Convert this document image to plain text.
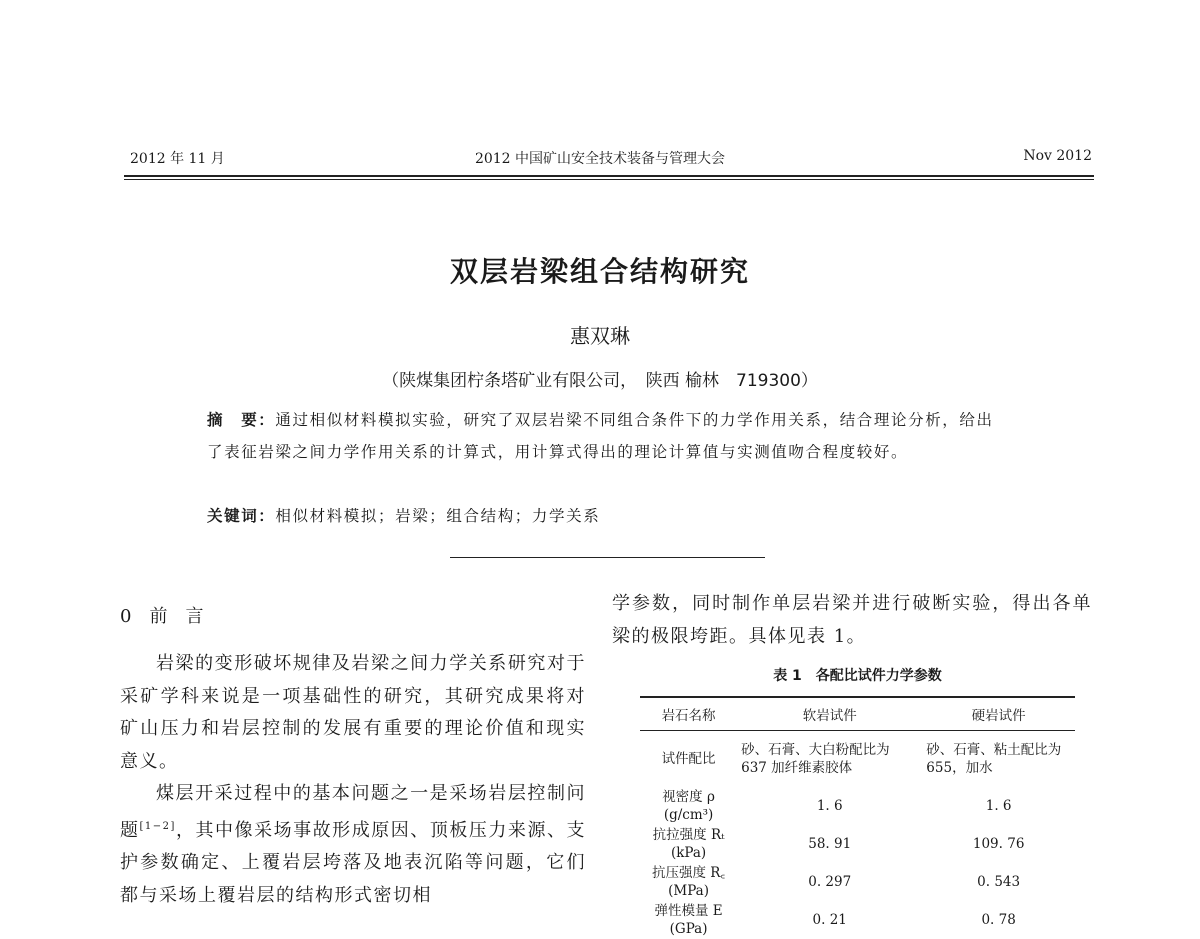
2012 年 11 月	2012 中国矿山安全技术装备与管理大会	Nov 2012
双层岩梁组合结构研究
惠双琳
（陕煤集团柠条塔矿业有限公司，　陕西 榆林　719300）
摘　要：通过相似材料模拟实验，研究了双层岩梁不同组合条件下的力学作用关系，结合理论分析，给出了表征岩梁之间力学作用关系的计算式，用计算式得出的理论计算值与实测值吻合程度较好。
关键词：相似材料模拟；岩梁；组合结构；力学关系
0　前　言

岩梁的变形破坏规律及岩梁之间力学关系研究对于采矿学科来说是一项基础性的研究，其研究成果将对矿山压力和岩层控制的发展有重要的理论价值和现实意义。

煤层开采过程中的基本问题之一是采场岩层控制问题[1−2]，其中像采场事故形成原因、顶板压力来源、支护参数确定、上覆岩层垮落及地表沉陷等问题，它们都与采场上覆岩层的结构形式密切相

学参数，同时制作单层岩梁并进行破断实验，得出各单梁的极限垮距。具体见表 1。

表 1　各配比试件力学参数
岩石名称	软岩试件	硬岩试件
试件配比	砂、石膏、大白粉配比为 637 加纤维素胶体	砂、石膏、粘土配比为 655，加水
视密度 ρ (g/cm³)	1. 6	1. 6
抗拉强度 Rₜ (kPa)	58. 91	109. 76
抗压强度 R꜀ (MPa)	0. 297	0. 543
弹性模量 E (GPa)	0. 21	0. 78
